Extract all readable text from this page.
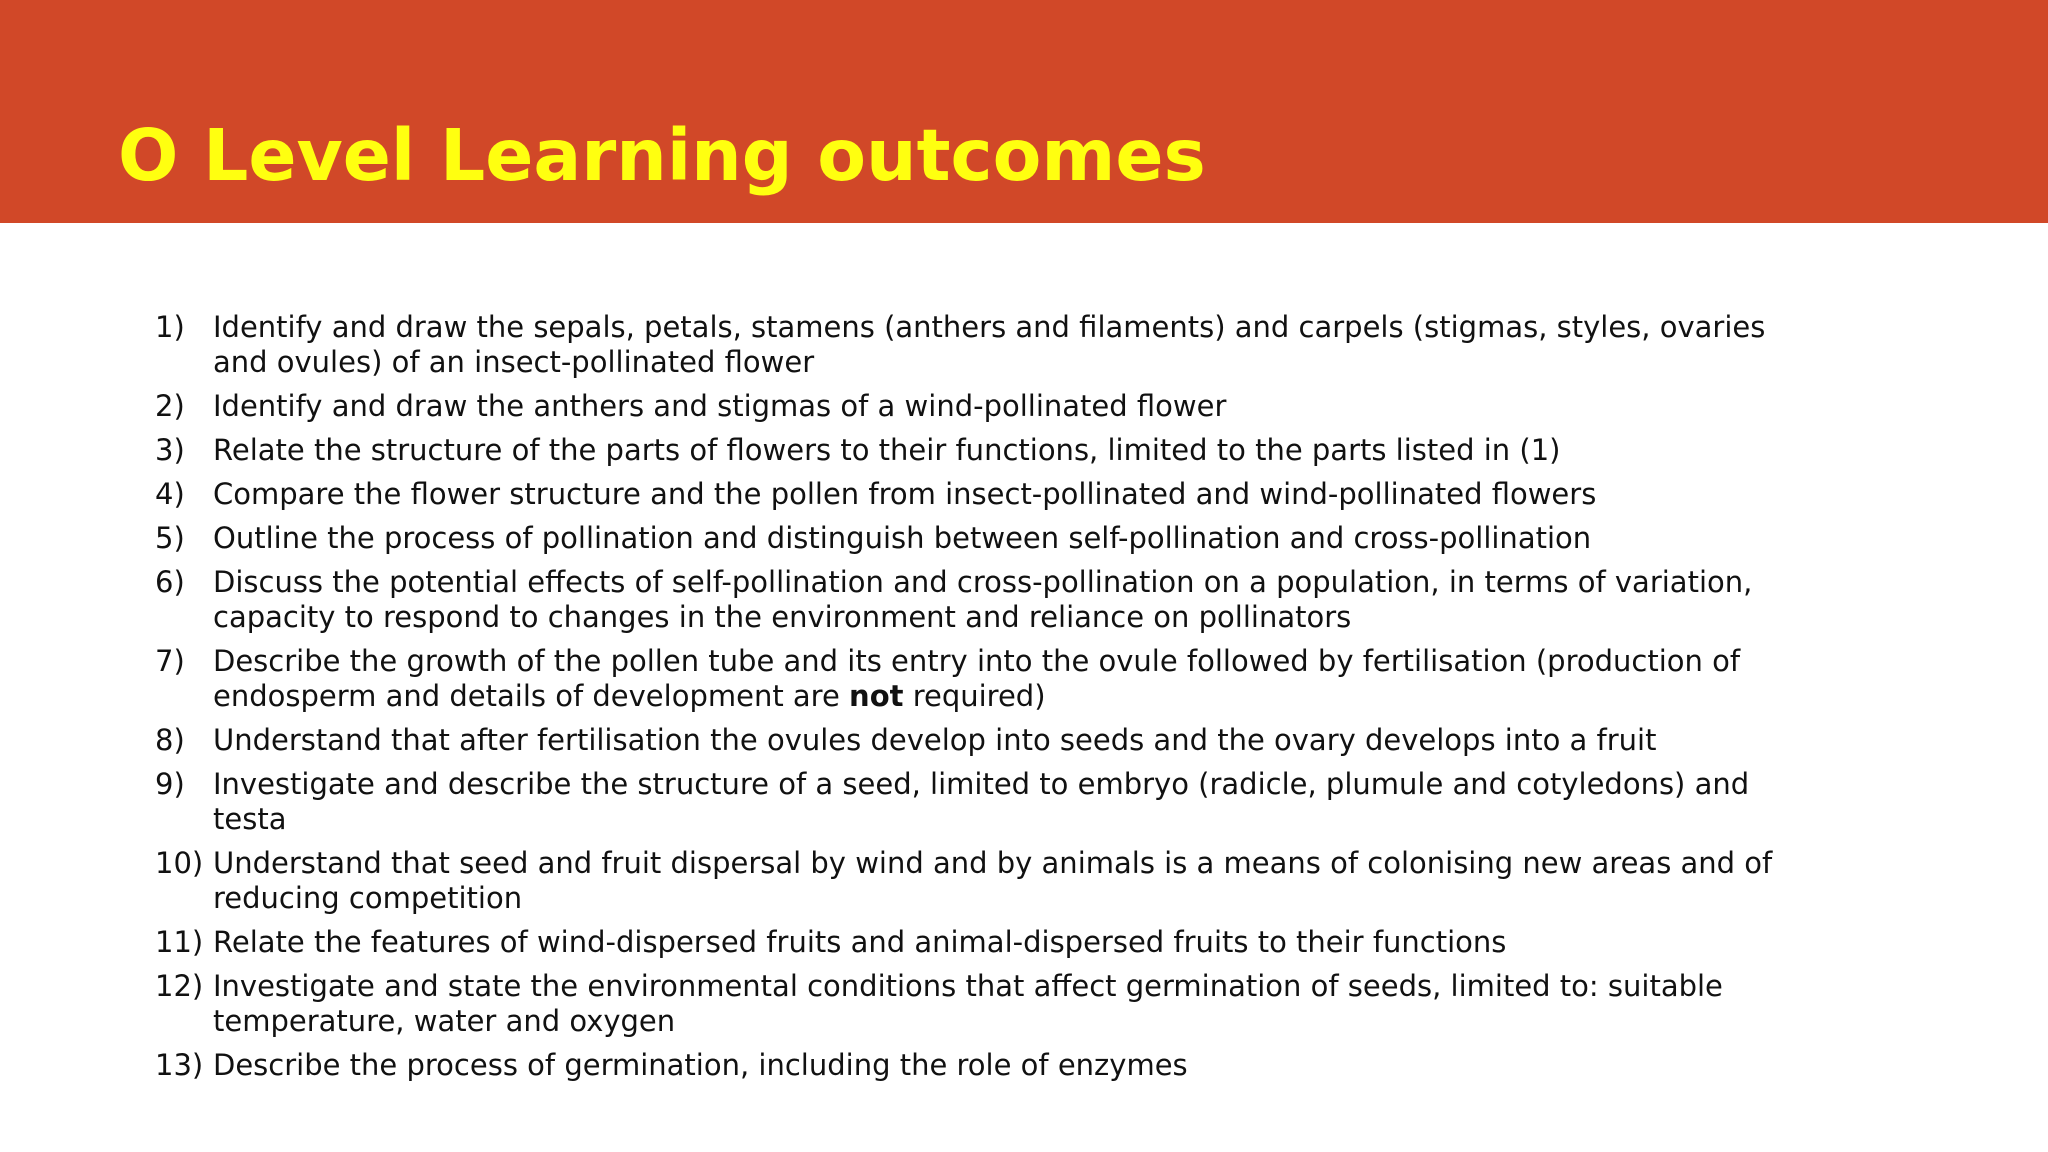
O Level Learning outcomes
1) Identify and draw the sepals, petals, stamens (anthers and filaments) and carpels (stigmas, styles, ovaries and ovules) of an insect-pollinated flower
2) Identify and draw the anthers and stigmas of a wind-pollinated flower
3) Relate the structure of the parts of flowers to their functions, limited to the parts listed in (1)
4) Compare the flower structure and the pollen from insect-pollinated and wind-pollinated flowers
5) Outline the process of pollination and distinguish between self-pollination and cross-pollination
6) Discuss the potential effects of self-pollination and cross-pollination on a population, in terms of variation, capacity to respond to changes in the environment and reliance on pollinators
7) Describe the growth of the pollen tube and its entry into the ovule followed by fertilisation (production of endosperm and details of development are not required)
8) Understand that after fertilisation the ovules develop into seeds and the ovary develops into a fruit
9) Investigate and describe the structure of a seed, limited to embryo (radicle, plumule and cotyledons) and testa
10) Understand that seed and fruit dispersal by wind and by animals is a means of colonising new areas and of reducing competition
11) Relate the features of wind-dispersed fruits and animal-dispersed fruits to their functions
12) Investigate and state the environmental conditions that affect germination of seeds, limited to: suitable temperature, water and oxygen
13) Describe the process of germination, including the role of enzymes
